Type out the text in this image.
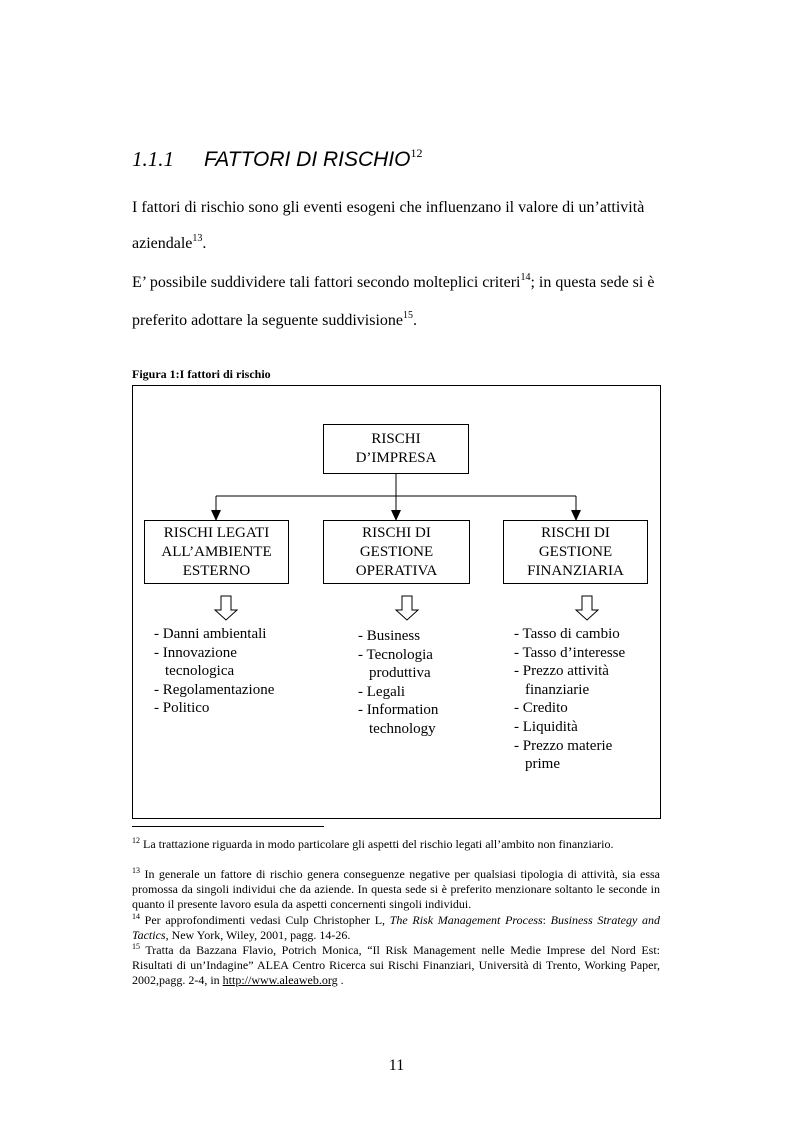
1.1.1 FATTORI DI RISCHIO$^{12}$
I fattori di rischio sono gli eventi esogeni che influenzano il valore di un’attività
aziendale$^{13}$.
E’ possibile suddividere tali fattori secondo molteplici criteri$^{14}$; in questa sede si è
preferito adottare la seguente suddivisione$^{15}$.
Figura 1:I fattori di rischio
RISCHI
D’IMPRESA
RISCHI LEGATI
ALL’AMBIENTE
ESTERNO
RISCHI DI
GESTIONE
OPERATIVA
RISCHI DI
GESTIONE
FINANZIARIA
- Danni ambientali
- Innovazione
tecnologica
- Regolamentazione
- Politico
- Business
- Tecnologia
produttiva
- Legali
- Information
technology
- Tasso di cambio
- Tasso d’interesse
- Prezzo attività
finanziarie
- Credito
- Liquidità
- Prezzo materie
prime
$^{12}$ La trattazione riguarda in modo particolare gli aspetti del rischio legati all’ambito non finanziario.
$^{13}$ In generale un fattore di rischio genera conseguenze negative per qualsiasi tipologia di attività, sia essa promossa da singoli individui che da aziende. In questa sede si è preferito menzionare soltanto le seconde in quanto il presente lavoro esula da aspetti concernenti singoli individui.
$^{14}$ Per approfondimenti vedasi Culp Christopher L, The Risk Management Process: Business Strategy and Tactics, New York, Wiley, 2001, pagg. 14-26.
$^{15}$ Tratta da Bazzana Flavio, Potrich Monica, “Il Risk Management nelle Medie Imprese del Nord Est: Risultati di un’Indagine” ALEA Centro Ricerca sui Rischi Finanziari, Università di Trento, Working Paper, 2002,pagg. 2-4, in http://www.aleaweb.org .
11
